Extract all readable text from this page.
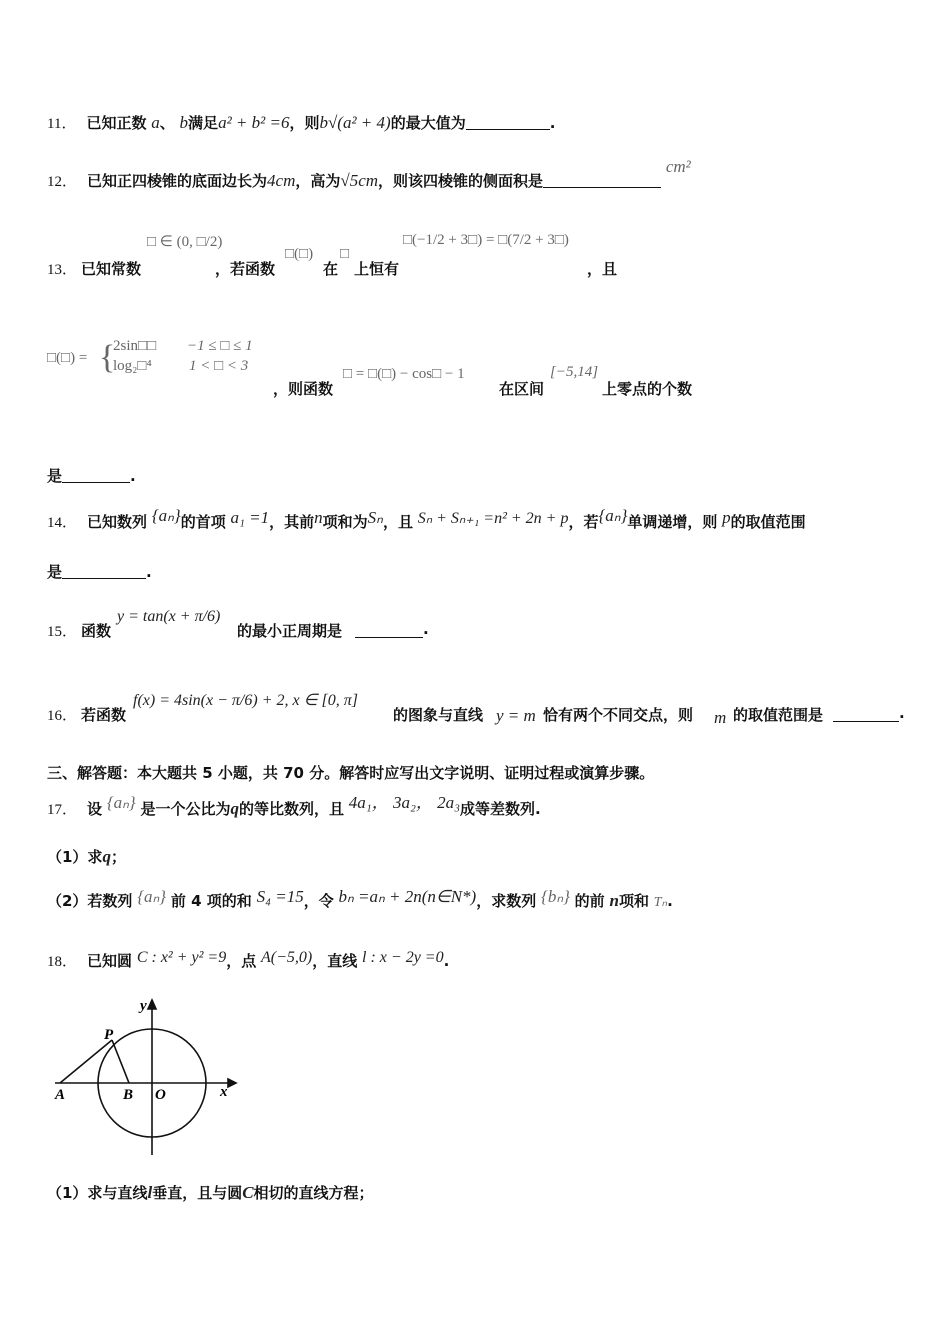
11． 已知正数 a、 b满足a² + b² =6，则b√(a² + 4)的最大值为	.
12． 已知正四棱锥的底面边长为4cm，高为√5cm，则该四棱锥的侧面积是 cm²
13． 已知常数
□ ∈ (0, □/2)
，若函数
□(□)
在
□
上恒有
□(−1/2 + 3□) = □(7/2 + 3□)
，且
□(□) = {
2sin□□ −1 ≤ □ ≤ 1
log₂□⁴ 1 < □ < 3
，则函数
□ = □(□) − cos□ − 1
在区间
[−5,14]
上零点的个数
是	.
14． 已知数列 {aₙ}的首项 a₁ =1，其前n项和为Sₙ，且 Sₙ + Sₙ₊₁ =n² + 2n + p，若{aₙ}单调递增，则 p的取值范围
是	.
15． 函数
y = tan(x + π/6)
的最小正周期是	.
16． 若函数
f(x) = 4sin(x − π/6) + 2, x ∈ [0, π]
的图象与直线 y = m 恰有两个不同交点，则 m 的取值范围是	.
三、解答题：本大题共 5 小题，共 70 分。解答时应写出文字说明、证明过程或演算步骤。
17． 设 {aₙ} 是一个公比为q的等比数列，且 4a₁， 3a₂， 2a₃成等差数列.
（1）求q；
（2）若数列 {aₙ} 前 4 项的和 S₄ =15，令 bₙ =aₙ + 2n(n∈N*)，求数列 {bₙ} 的前 n项和 Tₙ.
18． 已知圆 C : x² + y² =9，点 A(−5,0)，直线 l : x − 2y =0.
y
x
P
A	B O
（1）求与直线l垂直，且与圆C相切的直线方程；
